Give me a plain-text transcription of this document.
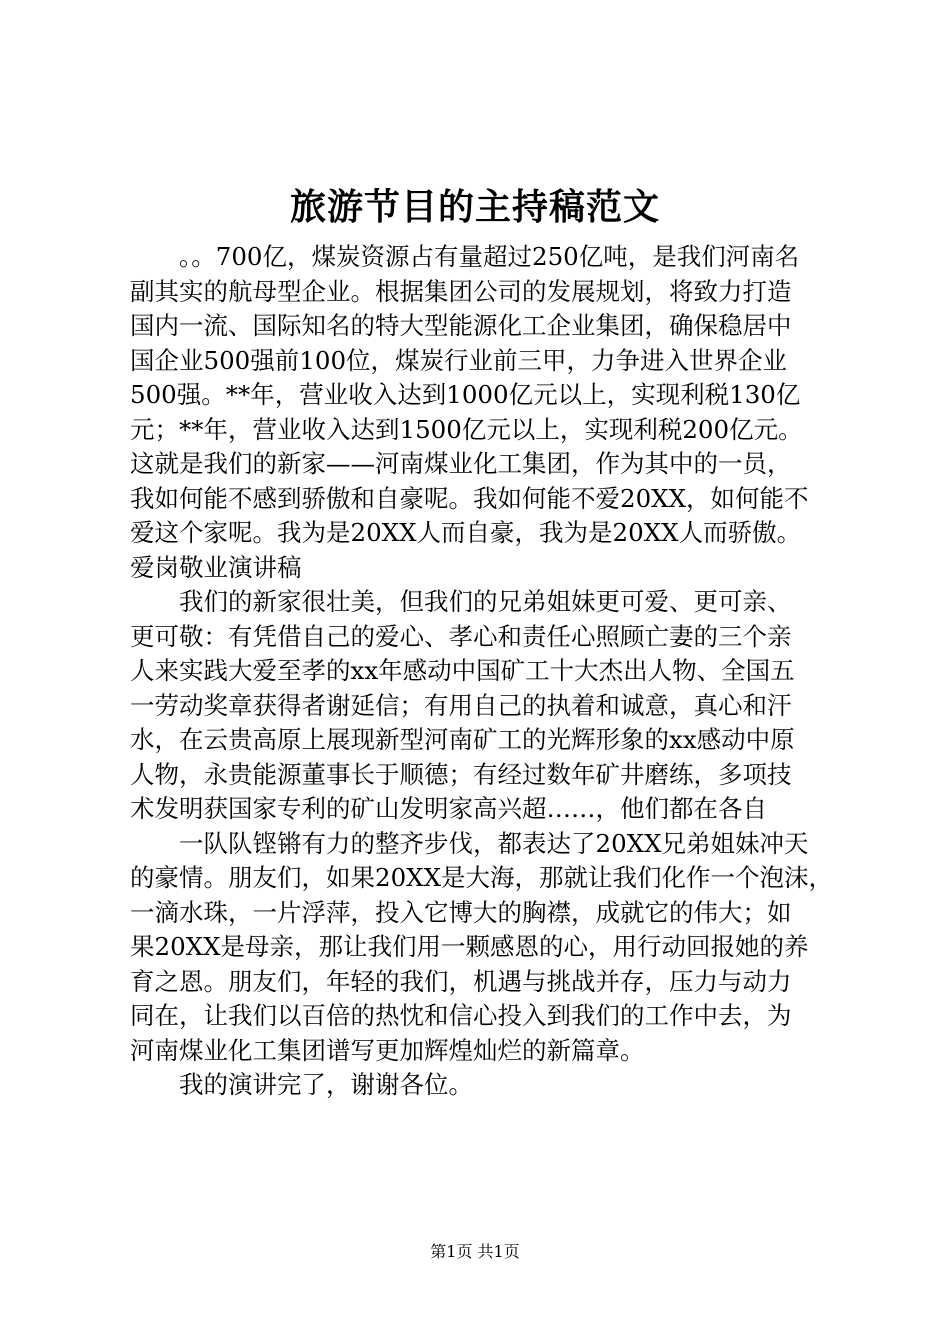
旅游节目的主持稿范文
　　。。700亿，煤炭资源占有量超过250亿吨，是我们河南名
副其实的航母型企业。根据集团公司的发展规划，将致力打造
国内一流、国际知名的特大型能源化工企业集团，确保稳居中
国企业500强前100位，煤炭行业前三甲，力争进入世界企业
500强。**年，营业收入达到1000亿元以上，实现利税130亿
元；**年，营业收入达到1500亿元以上，实现利税200亿元。
这就是我们的新家——河南煤业化工集团，作为其中的一员，
我如何能不感到骄傲和自豪呢。我如何能不爱20XX，如何能不
爱这个家呢。我为是20XX人而自豪，我为是20XX人而骄傲。
爱岗敬业演讲稿
　　我们的新家很壮美，但我们的兄弟姐妹更可爱、更可亲、
更可敬：有凭借自己的爱心、孝心和责任心照顾亡妻的三个亲
人来实践大爱至孝的xx年感动中国矿工十大杰出人物、全国五
一劳动奖章获得者谢延信；有用自己的执着和诚意，真心和汗
水，在云贵高原上展现新型河南矿工的光辉形象的xx感动中原
人物，永贵能源董事长于顺德；有经过数年矿井磨练，多项技
术发明获国家专利的矿山发明家高兴超……，他们都在各自
　　一队队铿锵有力的整齐步伐，都表达了20XX兄弟姐妹冲天
的豪情。朋友们，如果20XX是大海，那就让我们化作一个泡沫，
一滴水珠，一片浮萍，投入它博大的胸襟，成就它的伟大；如
果20XX是母亲，那让我们用一颗感恩的心，用行动回报她的养
育之恩。朋友们，年轻的我们，机遇与挑战并存，压力与动力
同在，让我们以百倍的热忱和信心投入到我们的工作中去，为
河南煤业化工集团谱写更加辉煌灿烂的新篇章。
　　我的演讲完了，谢谢各位。
第1页 共1页
